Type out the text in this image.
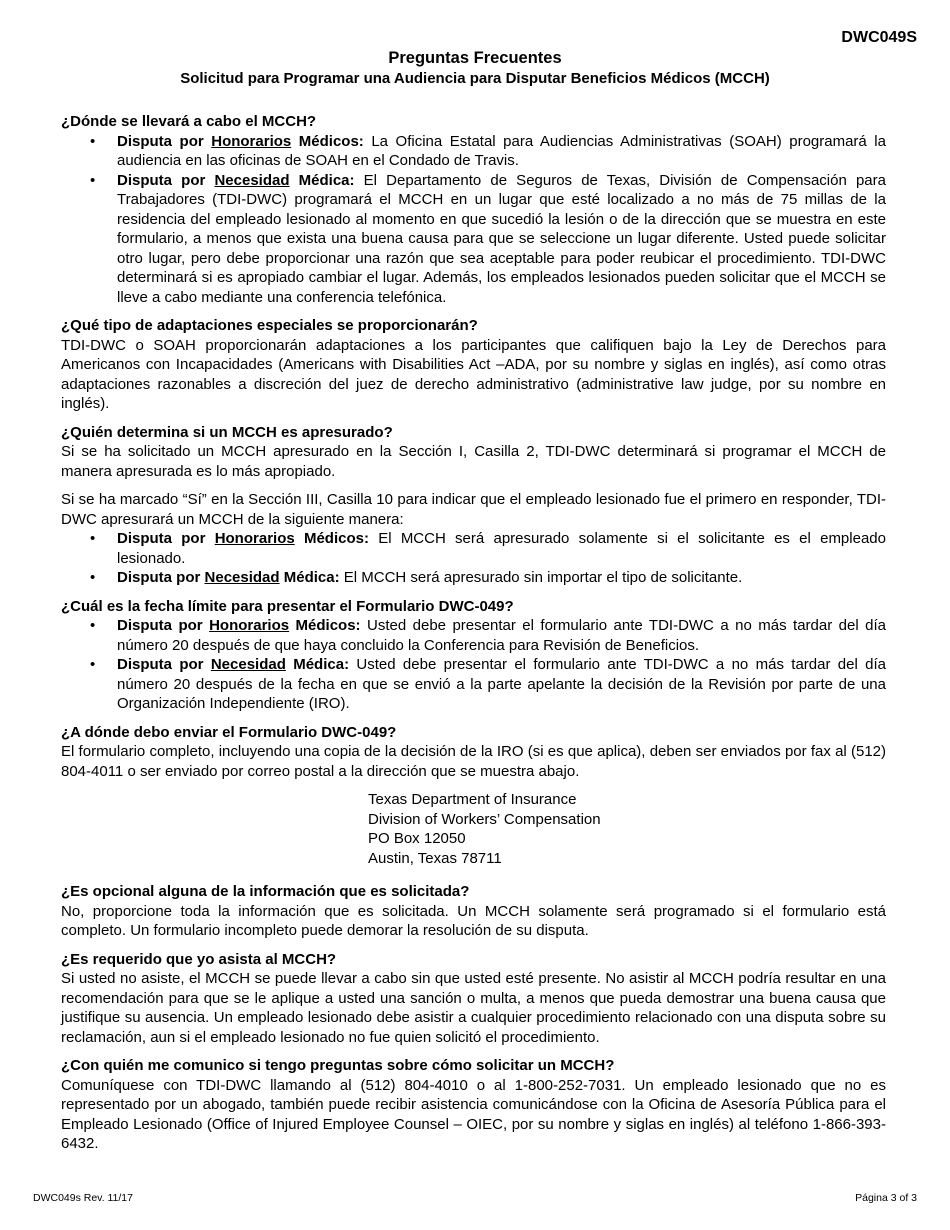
DWC049S
Preguntas Frecuentes
Solicitud para Programar una Audiencia para Disputar Beneficios Médicos (MCCH)
¿Dónde se llevará a cabo el MCCH?
• Disputa por Honorarios Médicos: La Oficina Estatal para Audiencias Administrativas (SOAH) programará la audiencia en las oficinas de SOAH en el Condado de Travis.
• Disputa por Necesidad Médica: El Departamento de Seguros de Texas, División de Compensación para Trabajadores (TDI-DWC) programará el MCCH en un lugar que esté localizado a no más de 75 millas de la residencia del empleado lesionado al momento en que sucedió la lesión o de la dirección que se muestra en este formulario, a menos que exista una buena causa para que se seleccione un lugar diferente. Usted puede solicitar otro lugar, pero debe proporcionar una razón que sea aceptable para poder reubicar el procedimiento. TDI-DWC determinará si es apropiado cambiar el lugar. Además, los empleados lesionados pueden solicitar que el MCCH se lleve a cabo mediante una conferencia telefónica.
¿Qué tipo de adaptaciones especiales se proporcionarán?
TDI-DWC o SOAH proporcionarán adaptaciones a los participantes que califiquen bajo la Ley de Derechos para Americanos con Incapacidades (Americans with Disabilities Act –ADA, por su nombre y siglas en inglés), así como otras adaptaciones razonables a discreción del juez de derecho administrativo (administrative law judge, por su nombre en inglés).
¿Quién determina si un MCCH es apresurado?
Si se ha solicitado un MCCH apresurado en la Sección I, Casilla 2, TDI-DWC determinará si programar el MCCH de manera apresurada es lo más apropiado.
Si se ha marcado “Sí” en la Sección III, Casilla 10 para indicar que el empleado lesionado fue el primero en responder, TDI-DWC apresurará un MCCH de la siguiente manera:
• Disputa por Honorarios Médicos: El MCCH será apresurado solamente si el solicitante es el empleado lesionado.
• Disputa por Necesidad Médica: El MCCH será apresurado sin importar el tipo de solicitante.
¿Cuál es la fecha límite para presentar el Formulario DWC-049?
• Disputa por Honorarios Médicos: Usted debe presentar el formulario ante TDI-DWC a no más tardar del día número 20 después de que haya concluido la Conferencia para Revisión de Beneficios.
• Disputa por Necesidad Médica: Usted debe presentar el formulario ante TDI-DWC a no más tardar del día número 20 después de la fecha en que se envió a la parte apelante la decisión de la Revisión por parte de una Organización Independiente (IRO).
¿A dónde debo enviar el Formulario DWC-049?
El formulario completo, incluyendo una copia de la decisión de la IRO (si es que aplica), deben ser enviados por fax al (512) 804-4011 o ser enviado por correo postal a la dirección que se muestra abajo.
Texas Department of Insurance
Division of Workers’ Compensation
PO Box 12050
Austin, Texas 78711
¿Es opcional alguna de la información que es solicitada?
No, proporcione toda la información que es solicitada. Un MCCH solamente será programado si el formulario está completo. Un formulario incompleto puede demorar la resolución de su disputa.
¿Es requerido que yo asista al MCCH?
Si usted no asiste, el MCCH se puede llevar a cabo sin que usted esté presente. No asistir al MCCH podría resultar en una recomendación para que se le aplique a usted una sanción o multa, a menos que pueda demostrar una buena causa que justifique su ausencia. Un empleado lesionado debe asistir a cualquier procedimiento relacionado con una disputa sobre su reclamación, aun si el empleado lesionado no fue quien solicitó el procedimiento.
¿Con quién me comunico si tengo preguntas sobre cómo solicitar un MCCH?
Comuníquese con TDI-DWC llamando al (512) 804-4010 o al 1-800-252-7031. Un empleado lesionado que no es representado por un abogado, también puede recibir asistencia comunicándose con la Oficina de Asesoría Pública para el Empleado Lesionado (Office of Injured Employee Counsel – OIEC, por su nombre y siglas en inglés) al teléfono 1-866-393-6432.
DWC049s Rev. 11/17	Página 3 of 3
